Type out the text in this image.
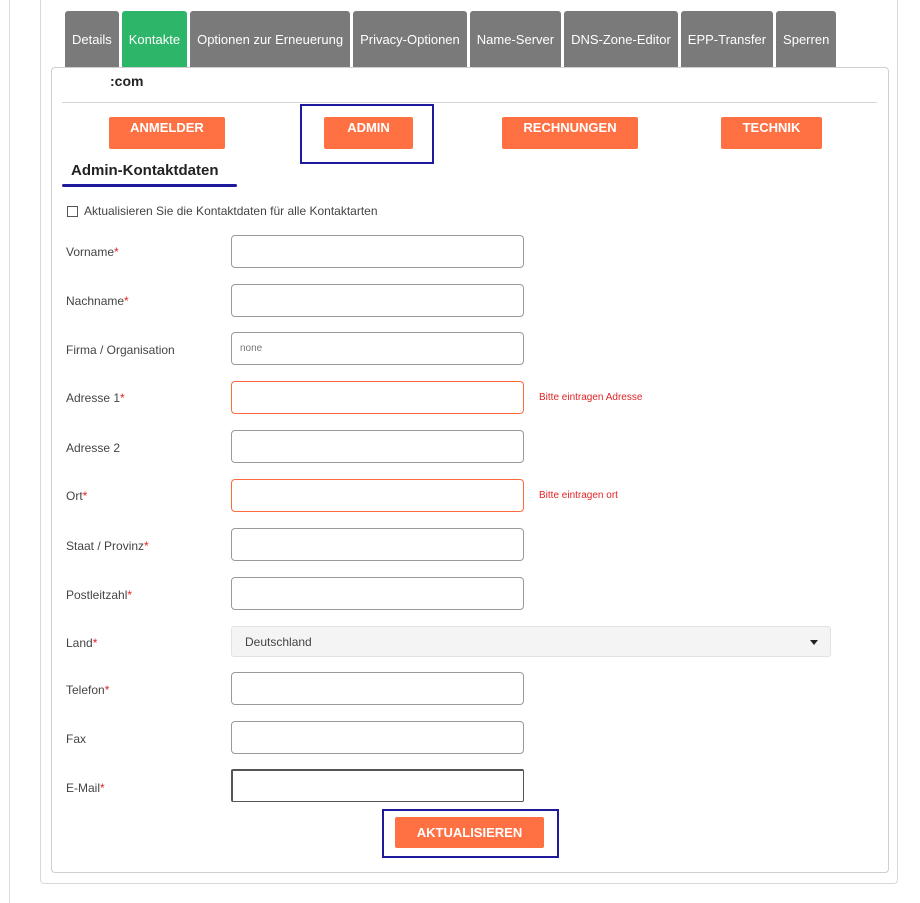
Details	Kontakte	Optionen zur Erneuerung	Privacy-Optionen	Name-Server	DNS-Zone-Editor	EPP-Transfer	Sperren
:com
ANMELDER	ADMIN	RECHNUNGEN	TECHNIK
Admin-Kontaktdaten
Aktualisieren Sie die Kontaktdaten für alle Kontaktarten
Vorname*
Nachname*
Firma / Organisation	none
Adresse 1*	Bitte eintragen Adresse
Adresse 2
Ort*	Bitte eintragen ort
Staat / Provinz*
Postleitzahl*
Land*	Deutschland
Telefon*
Fax
E-Mail*
AKTUALISIEREN
